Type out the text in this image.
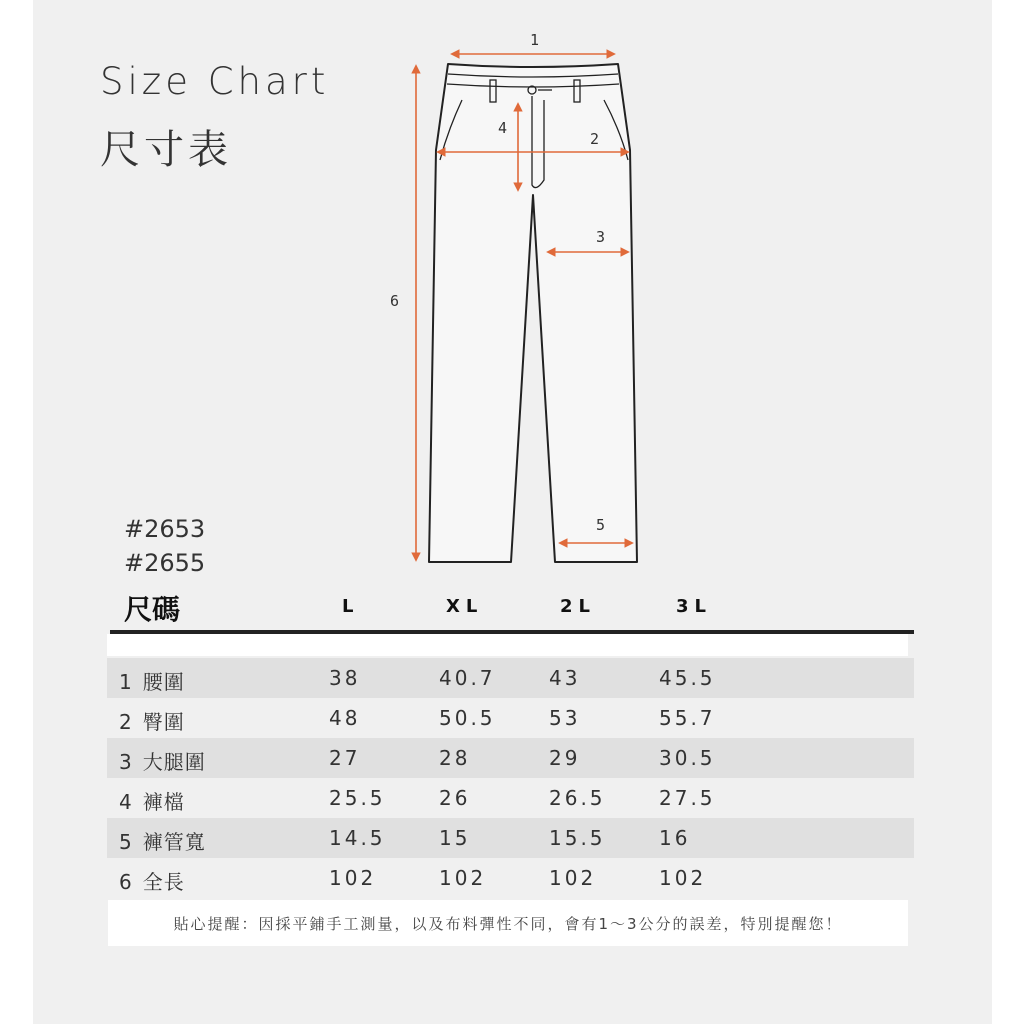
Size Chart
尺寸表
#2653
#2655
1
2
3
4
5
6
尺碼	L	XL	2L	3L
1 腰圍	38	40.7	43	45.5
2 臀圍	48	50.5	53	55.7
3 大腿圍	27	28	29	30.5
4 褲檔	25.5	26	26.5	27.5
5 褲管寬	14.5	15	15.5	16
6 全長	102	102	102	102
貼心提醒：因採平鋪手工測量，以及布料彈性不同，會有1～3公分的誤差，特別提醒您！
